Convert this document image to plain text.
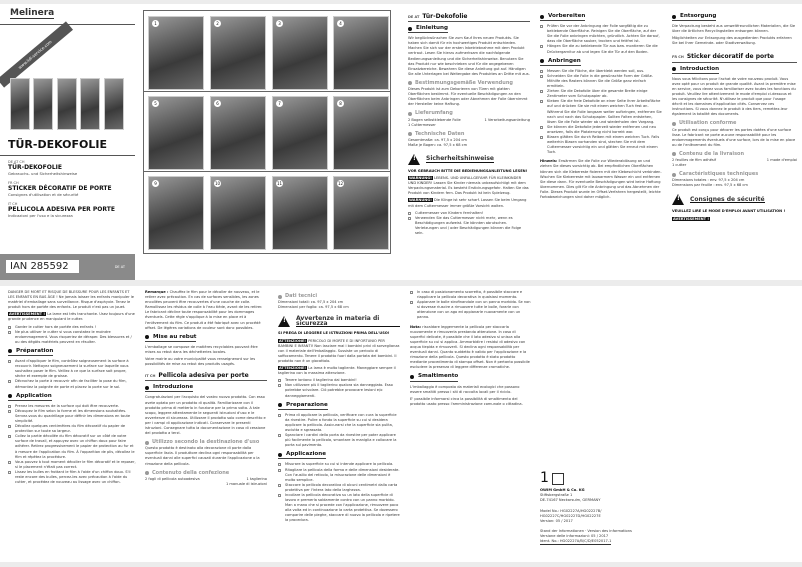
Melinera
www.lidl-service.com
TÜR-DEKOFOLIE
DE AT CH
TÜR-DEKOFOLIE
Gebrauchs- und Sicherheitshinweise
FR CH
STICKER DÉCORATIF DE PORTE
Consignes d'utilisation et de sécurité
IT CH
PELLICOLA ADESIVA PER PORTE
Indicazioni per l'uso e la sicurezza
IAN 285592	DE AT
1	2	3	4
5	6	7	8
9	10	11	12
DE AT Tür-Dekofolie
Einleitung

Wir beglückwünschen Sie zum Kauf Ihres neuen Produkts. Sie haben sich damit für ein hochwertiges Produkt entschieden. Machen Sie sich vor der ersten Inbetriebnahme mit dem Produkt vertraut. Lesen Sie hierzu aufmerksam die nachfolgende Bedienungsanleitung und die Sicherheitshinweise. Benutzen Sie das Produkt nur wie beschrieben und für die angegebenen Einsatzbereiche. Bewahren Sie diese Anleitung gut auf. Händigen Sie alle Unterlagen bei Weitergabe des Produktes an Dritte mit aus.

Bestimmungsgemäße Verwendung

Dieses Produkt ist zum Dekorieren von Türen mit glatten Oberflächen bestimmt. Für eventuelle Beschädigungen an den Oberflächen beim Anbringen oder Abnehmen der Folie übernimmt der Hersteller keine Haftung.

Lieferumfang
2 Bogen selbstklebende Folie	1 Verarbeitungsanleitung
1 Cuttermesser
Technische Daten
Gesamtmaße: ca. 97,5 x 204 cm
Maße je Bogen: ca. 97,5 x 68 cm
!
Sicherheitshinweise

VOR GEBRAUCH BITTE DIE BEDIENUNGSANLEITUNG LESEN!

WARNUNG! LEBENS- UND UNFALLGEFAHR FÜR KLEINKINDER UND KINDER! Lassen Sie Kinder niemals unbeaufsichtigt mit dem Verpackungsmaterial. Es besteht Erstickungsgefahr. Halten Sie das Produkt von Kindern fern. Das Produkt ist kein Spielzeug.

WARNUNG! Die Klinge ist sehr scharf. Lassen Sie beim Umgang mit dem Cuttermesser immer größte Vorsicht walten.

Cuttermesser von Kindern fernhalten!
Verwenden Sie das Cuttermesser nicht mehr, wenn es Beschädigungen aufweist. Sie könnten abrutschen. Verletzungen und / oder Beschädigungen können die Folge sein.
Vorbereiten
Prüfen Sie vor der Anbringung der Folie sorgfältig die zu beklebende Oberfläche. Reinigen Sie die Oberfläche, auf der Sie die Folie anbringen möchten, gründlich. Achten Sie darauf, dass die Oberfläche sauber, trocken und fettfrei ist.
Hängen Sie die zu beklebende Tür aus bzw. montieren Sie die Drückergarnitur ab und legen Sie die Tür auf den Boden.
Anbringen
Messen Sie die Fläche, die überklebt werden soll, aus.
Schneiden Sie die Folie in die gewünschte Form der Größe. Mithilfe des Rasters können Sie die Größe ganz einfach ermitteln.
Ziehen Sie die Dekofolie über die gesamte Breite einige Zentimeter vom Schutzpapier ab.
Kleben Sie die freie Dekofolie an einer Seite Ihrer Arbeitsfläche auf und drücken Sie sie mit einem weichen Tuch fest an. Während Sie die Folie langsam weiter aufbringen, entfernen Sie nach und nach das Schutzpapier. Sollten Falten entstehen, lösen Sie die Folie wieder ab und wiederholen den Vorgang.
Sie können die Dekofolie jederzeit wieder entfernen und neu ansetzen, falls die Platzierung nicht korrekt war.
Blasen glätten Sie durch Reiben mit einem weichen Tuch. Falls weiterhin Blasen vorhanden sind, stechen Sie mit dem Cuttermesser vorsichtig ein und glätten Sie erneut mit einem Tuch.

Hinweis: Erwärmen Sie die Folie zur Wiederablösung an und ziehen Sie dieses vorsichtig ab. Bei empfindlichen Oberflächen können sich die Klebereste fixieren mit der Klebeschicht verbinden. Wischen Sie Kleberreste mit lauwarmem Wasser ein und entfernen Sie diese dann. Für eventuelle Beschädigungen wird keine Haftung übernommen. Dies gilt für die Anbringung und das Abnehmen der Folie. Dieses Produkt wurde im Offset-Verfahren hergestellt, leichte Farbabweichungen sind daher möglich.

Entsorgung

Die Verpackung besteht aus umweltfreundlichen Materialien, die Sie über die örtlichen Recyclingstellen entsorgen können.

Möglichkeiten zur Entsorgung des ausgedienten Produkts erfahren Sie bei Ihrer Gemeinde- oder Stadtverwaltung.

FR CH Sticker décoratif de porte
Introduction

Nous vous félicitons pour l'achat de votre nouveau produit. Vous avez opté pour un produit de grande qualité. Avant la première mise en service, vous devez vous familiariser avec toutes les fonctions du produit. Veuillez lire attentivement le mode d'emploi ci-dessous et les consignes de sécurité. N'utilisez le produit que pour l'usage décrit et les domaines d'application cités. Conservez ces instructions. Si vous donnez le produit à des tiers, remettez-leur également la totalité des documents.

Utilisation conforme

Ce produit est conçu pour décorer les portes dotées d'une surface lisse. Le fabricant ne porte aucune responsabilité pour les endommagements éventuels d'une surface, lors de la mise en place ou de l'enlèvement du film.

Contenu de la livraison
2 feuilles de film adhésif	1 mode d'emploi
1 cutter
Caractéristiques techniques
Dimensions totales : env. 97,5 x 204 cm
Dimensions par feuille : env. 97,5 x 68 cm
!
Consignes de sécurité

VEUILLEZ LIRE LE MODE D'EMPLOI AVANT UTILISATION !

AVERTISSEMENT !

DANGER DE MORT ET RISQUE DE BLESSURE POUR LES ENFANTS ET LES ENFANTS EN BAS ÂGE ! Ne jamais laisser les enfants manipuler le matériel d'emballage sans surveillance. Risque d'asphyxie. Tenez le produit hors de portée des enfants. Le produit n'est pas un jouet.

AVERTISSEMENT ! La lame est très tranchante. Usez toujours d'une grande prudence en manipulant le cutter.

Garder le cutter hors de portée des enfants !
Ne plus utiliser le cutter si vous constatez le moindre endommagement. Vous risqueriez de déraper. Des blessures et / ou des dégâts matériels peuvent en résulter.
Préparation
Avant d'appliquer le film, contrôlez soigneusement la surface à recouvrir. Nettoyez soigneusement la surface sur laquelle vous souhaitez poser le film. Veillez à ce que la surface soit propre, sèche et exempte de graisse.
Décrochez la porte à recouvrir afin de faciliter la pose du film, démontez la poignée de porte et placez la porte sur le sol.
Application
Prenez les mesures de la surface qui doit être recouverte.
Découpez le film selon la forme et les dimensions souhaitées. Servez-vous du quadrillage pour définir les dimensions en toute simplicité.
Décollez quelques centimètres du film décoratif du papier de protection sur toute sa largeur.
Collez la partie décollée du film décoratif sur un côté de votre surface de travail, et appuyez avec un chiffon doux pour faire adhérer. Retirez progressivement le papier de protection au fur et à mesure de l'application du film. À l'apparition de plis, décollez le film et répétez la procédure.
Vous pouvez à tout moment décoller le film décoratif et le reposer, si le placement n'était pas correct.
Lissez les bulles en frottant le film à l'aide d'un chiffon doux. S'il reste encore des bulles, percez-les avec précaution à l'aide du cutter, et procédez de nouveau au lissage avec un chiffon.

Remarque : Chauffez le film pour le décoller de nouveau, et le retirer avec précaution. En cas de surfaces sensibles, les zones encollées peuvent être recouvertes d'une couche de colle. Ramollissez les résidus de colle à l'eau tiède, avant de les retirer. Le fabricant décline toute responsabilité pour les dommages éventuels. Cette règle s'applique à la mise en place et à l'enlèvement du film. Ce produit a été fabriqué avec un procédé offset. De légères variations de couleur sont donc possibles.

Mise au rebut

L'emballage se compose de matières recyclables pouvant être mises au rebut dans les déchetteries locales.

Votre mairie ou votre municipalité vous renseigneront sur les possibilités de mise au rebut des produits usagés.

IT CH Pellicola adesiva per porte
Introduzione

Congratulazioni per l'acquisto del vostro nuovo prodotto. Con esso avete optato per un prodotto di qualità. Familiarizzare con il prodotto prima di metterlo in funzione per la prima volta. A tale scopo, leggere attentamente le seguenti istruzioni d'uso e le avvertenze di sicurezza. Utilizzare il prodotto solo come descritto e per i campi di applicazione indicati. Conservare le presenti istruzioni. Consegnare tutta la documentazione in caso di cessione del prodotto a terzi.

Utilizzo secondo la destinazione d'uso

Questo prodotto è destinato alla decorazione di porte dalla superficie liscia. Il produttore declina ogni responsabilità per eventuali danni alle superfici causati durante l'applicazione o la rimozione della pellicola.

Contenuto della confezione
2 fogli di pellicola autoadesiva	1 taglierino
1 manuale di istruzioni
Dati tecnici
Dimensioni totali: ca. 97,5 x 204 cm
Dimensioni per foglio: ca. 97,5 x 68 cm
!
Avvertenze in materia di sicurezza

SI PREGA DI LEGGERE LE ISTRUZIONI PRIMA DELL'USO!

ATTENZIONE! PERICOLO DI MORTE E DI INFORTUNIO PER BAMBINI E INFANTI! Non lasciare mai i bambini privi di sorveglianza con il materiale dell'imballaggio. Sussiste un pericolo di soffocamento. Tenere il prodotto fuori dalla portata dei bambini. Il prodotto non è un giocattolo.

ATTENZIONE! La lama è molto tagliente. Maneggiare sempre il taglierino con la massima attenzione.

Tenere lontano il taglierino dai bambini!
Non utilizzare più il taglierino qualora sia danneggiato. Esso potrebbe scivolare. Ciò potrebbe provocare lesioni e/o danneggiamenti.
Preparazione
Prima di applicare la pellicola, verificare con cura la superficie da rivestire. Pulire a fondo la superficie su cui si desidera applicare la pellicola. Assicurarsi che la superficie sia pulita, asciutta e sgrassata.
Sganciare i cardini della porta da rivestire per poter applicare più facilmente la pellicola, smontare la maniglia e collocare la porta sul pavimento.
Applicazione
Misurare la superficie su cui si intende applicare la pellicola.
Ritagliare la pellicola della forma e delle dimensioni desiderate. Con l'ausilio del reticolo, la misurazione delle dimensioni è molto semplice.
Staccare la pellicola decorativa di alcuni centimetri dalla carta protettiva per l'intera lato della larghezza.
Incollare la pellicola decorativa su un lato della superficie di lavoro e premerla saldamente contro con un panno morbido. Man a mano che si procede con l'applicazione, rimuovere poco alla volta ed in continuazione la carta protettiva. Se dovessero comparire delle pieghe, staccare di nuovo la pellicola e ripetere la procedura.
In caso di posizionamento scorretto, è possibile staccare e riapplicare la pellicola decorativa in qualsiasi momento.
Appianare le bolle strofinandole con un panno morbido. Se non si dovesse riuscire a rimuovere tutte le bolle, forarle con attenzione con un ago ed appianarle nuovamente con un panno.

Nota: riscaldare leggermente la pellicola per staccarla nuovamente e rimuoverla prestando attenzione. In caso di superfici delicate, è possibile che il lato adesivo si unisca alla superficie su cui si applica. Ammorbidire i residui di adesivo con acqua tiepida e rimuoverli. Si declina ogni responsabilità per eventuali danni. Quanto suddetto è valido per l'applicazione e la rimozione della pellicola. Questo prodotto è stato prodotto mediante procedimento di stampa offset. Non è pertanto possibile escludere la presenza di leggere differenze cromatiche.

Smaltimento

L'imballaggio è composto da materiali ecologici che possono essere smaltiti presso i siti di raccolta locali per il riciclo.

E' possibile informarsi circa la possibilità di smaltimento del prodotto usato presso l'amministrazione comunale o cittadina.

1
OWIM GmbH & Co. KG
Stiftsbergstraße 1
DE-74167 Neckarsulm, GERMANY
Model No.: HG02227A/HG02227B/
HG02227C/HG02227D/HG02227E
Version: 05 / 2017
Stand der Informationen · Version des informations
Versione delle informazioni: 05 / 2017
Ident. No.: HG02227A/B/C/D/E052017-1
